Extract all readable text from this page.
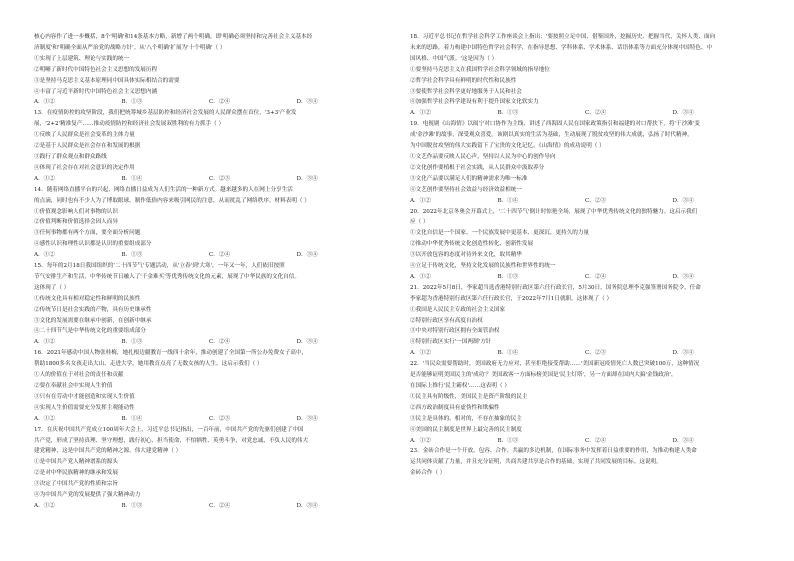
核心内容作了进一步概括，8个'明确'和14条基本方略，新增了两个明确，即'明确必须坚持和完善社会主义基本经
济制度'和'明确全面从严治党的战略方针'。从'八个明确'扩展为'十个明确'（ ）
①实现了上层建筑、理论与实践的统一
②明晰了新时代中国特色社会主义思想的发展历程
③是坚持马克思主义基本原理同中国具体实际相结合的需要
④丰富了习近平新时代中国特色社会主义思想内涵
A．①②	B．①③	C．②④	D．③④
13．在疫情防控的攻坚阶段，我们把统筹城乡基层防控和经济社会发展的人民群众摆在首位，'3+3'产业发
展，'2+2'精准复产……推动疫情防控和经济社会发展双胜利的有力抓手（ ）
①反映了人民群众是社会变革的主体力量
②是基于人民群众是社会存在和发展的根据
③践行了群众观点和群众路线
④体现了社会存在对社会意识的决定作用
A．①②	B．①④	C．②③	D．③④
14．随着网络直播平台的兴起，网络直播日益成为人们生活的一种新方式。越来越多的人在网上分享生活
的点滴，同时也有不少人为了博取眼球，制作低俗内容来吸引网民的注意，从而扰乱了网络秩序。材料表明（ ）
①价值观念影响人们对事物的认识
②价值判断和价值选择会因人而异
③任何事物都有两个方面，要全面分析问题
④感性认识和理性认识都是认识的重要组成部分
A．①②	B．①③	C．②④	D．③④
15．每年的2月18日我国组织的'二十四节气'专题活动，从'立春'到'大寒'，一年又一年，人们依旧按照
节气安排生产和生活，中华传统节日融入了'千金难买'等优秀传统文化的元素，展现了中华民族的文化自信。
这体现了（ ）
①传统文化具有相对稳定性和鲜明的民族性
②传统节日是社会实践的产物，具有历史继承性
③文化的发展需要在继承中创新，在创新中继承
④二十四节气是中华传统文化的重要组成部分
A．①②	B．①③	C．②④	D．③④
16．2021年感动中国人物张桂梅，她扎根边疆教育一线四十余年，推动创建了全国第一所公办免费女子高中，
帮助1800多名女孩走出大山、走进大学，她用教育点亮了无数女孩的人生。这启示我们（ ）
①人的价值在于对社会的责任和贡献
②要在奉献社会中实现人生价值
③只有在劳动中才能创造和实现人生价值
④实现人生价值需要充分发挥主观能动性
A．①②	B．①④	C．②③	D．③④
17．在庆祝中国共产党成立100周年大会上，习近平总书记指出，一百年前，中国共产党的先驱们创建了中国
共产党，形成了坚持真理、坚守理想，践行初心、担当使命，不怕牺牲、英勇斗争，对党忠诚、不负人民的伟大
建党精神，这是中国共产党的精神之源。伟大建党精神（ ）
①是中国共产党人精神谱系的源头
②是对中华民族精神的继承和发展
③决定了中国共产党的性质和宗旨
④为中国共产党的发展提供了强大精神动力
A．①②	B．①③	C．②④	D．③④
18．习近平总书记在哲学社会科学工作座谈会上指出：'要按照立足中国、借鉴国外，挖掘历史、把握当代，关怀人类、面向
未来的思路，着力构建中国特色哲学社会科学，在指导思想、学科体系、学术体系、话语体系等方面充分体现中国特色、中
国风格、中国气派。'这是因为（ ）
①要坚持马克思主义在我国哲学社会科学领域的指导地位
②哲学社会科学具有鲜明的时代性和民族性
③要使哲学社会科学更好地服务于人民和社会
④加强哲学社会科学建设有利于提升国家文化软实力
A．①②	B．①③	C．②④	D．③④
19．电视剧《山海情》以闽宁对口协作为主线，讲述了西海固人民在国家政策指引和福建的对口帮扶下，将'干沙滩'变
成'金沙滩'的故事，深受观众喜爱。该剧以真实的生活为基础，生动展现了脱贫攻坚的伟大成就，弘扬了时代精神，
为中国脱贫攻坚的伟大实践留下了宝贵的文化记忆。《山海情》的成功说明（ ）
①文艺作品要反映人民心声，坚持以人民为中心的创作导向
②文化创作要植根于社会实践，从人民群众中汲取养分
③文化产品要以满足人们的精神需求为唯一标准
④文艺创作要坚持社会效益与经济效益相统一
A．①②	B．①④	C．②③	D．③④
20．2022年北京冬奥会开幕式上，'二十四节气'倒计时惊艳全场，展现了中华优秀传统文化的独特魅力。这启示我们
应（ ）
①文化自信是一个国家、一个民族发展中更基本、更深沉、更持久的力量
②推动中华优秀传统文化创造性转化、创新性发展
③以开放包容的态度对待外来文化，取其精华
④立足于传统文化，坚持文化发展的民族性和世界性的统一
A．①②	B．①③	C．②④	D．③④
21．2022年5月8日，李家超当选香港特别行政区第六任行政长官，5月30日，国务院总理李克强签署国务院令，任命
李家超为香港特别行政区第六任行政长官，于2022年7月1日就职。这体现了（ ）
①我国是人民民主专政的社会主义国家
②特别行政区享有高度自治权
③中央对特别行政区拥有全面管治权
④特别行政区实行'一国两制'方针
A．①②	B．①④	C．②③	D．③④
22．'当民众需要帮助时，美国政府无力应对，甚至拒绝接受帮助……'美国新冠疫情死亡人数已突破100万，这种情况
是否能够证明美国民主的'成功'？美国政客一方面标榜美国是'民主灯塔'，另一方面却在国内大搞'金钱政治'，
在国际上推行'民主霸权'……这表明（ ）
①民主具有阶级性，美国民主是资产阶级的民主
②西方政治制度具有虚伪性和欺骗性
③民主是具体的、相对的，不存在抽象的民主
④美国的民主制度是世界上最完善的民主制度
A．①②	B．①③	C．②④	D．③④
23．金砖合作是一个开放、包容、合作、共赢的多边机制，在国际事务中发挥着日益重要的作用，为推动构建人类命
运共同体贡献了力量，并且充分证明，共商共建共享是合作的基础，实现了共同发展的目标。这说明，
金砖合作（ ）
